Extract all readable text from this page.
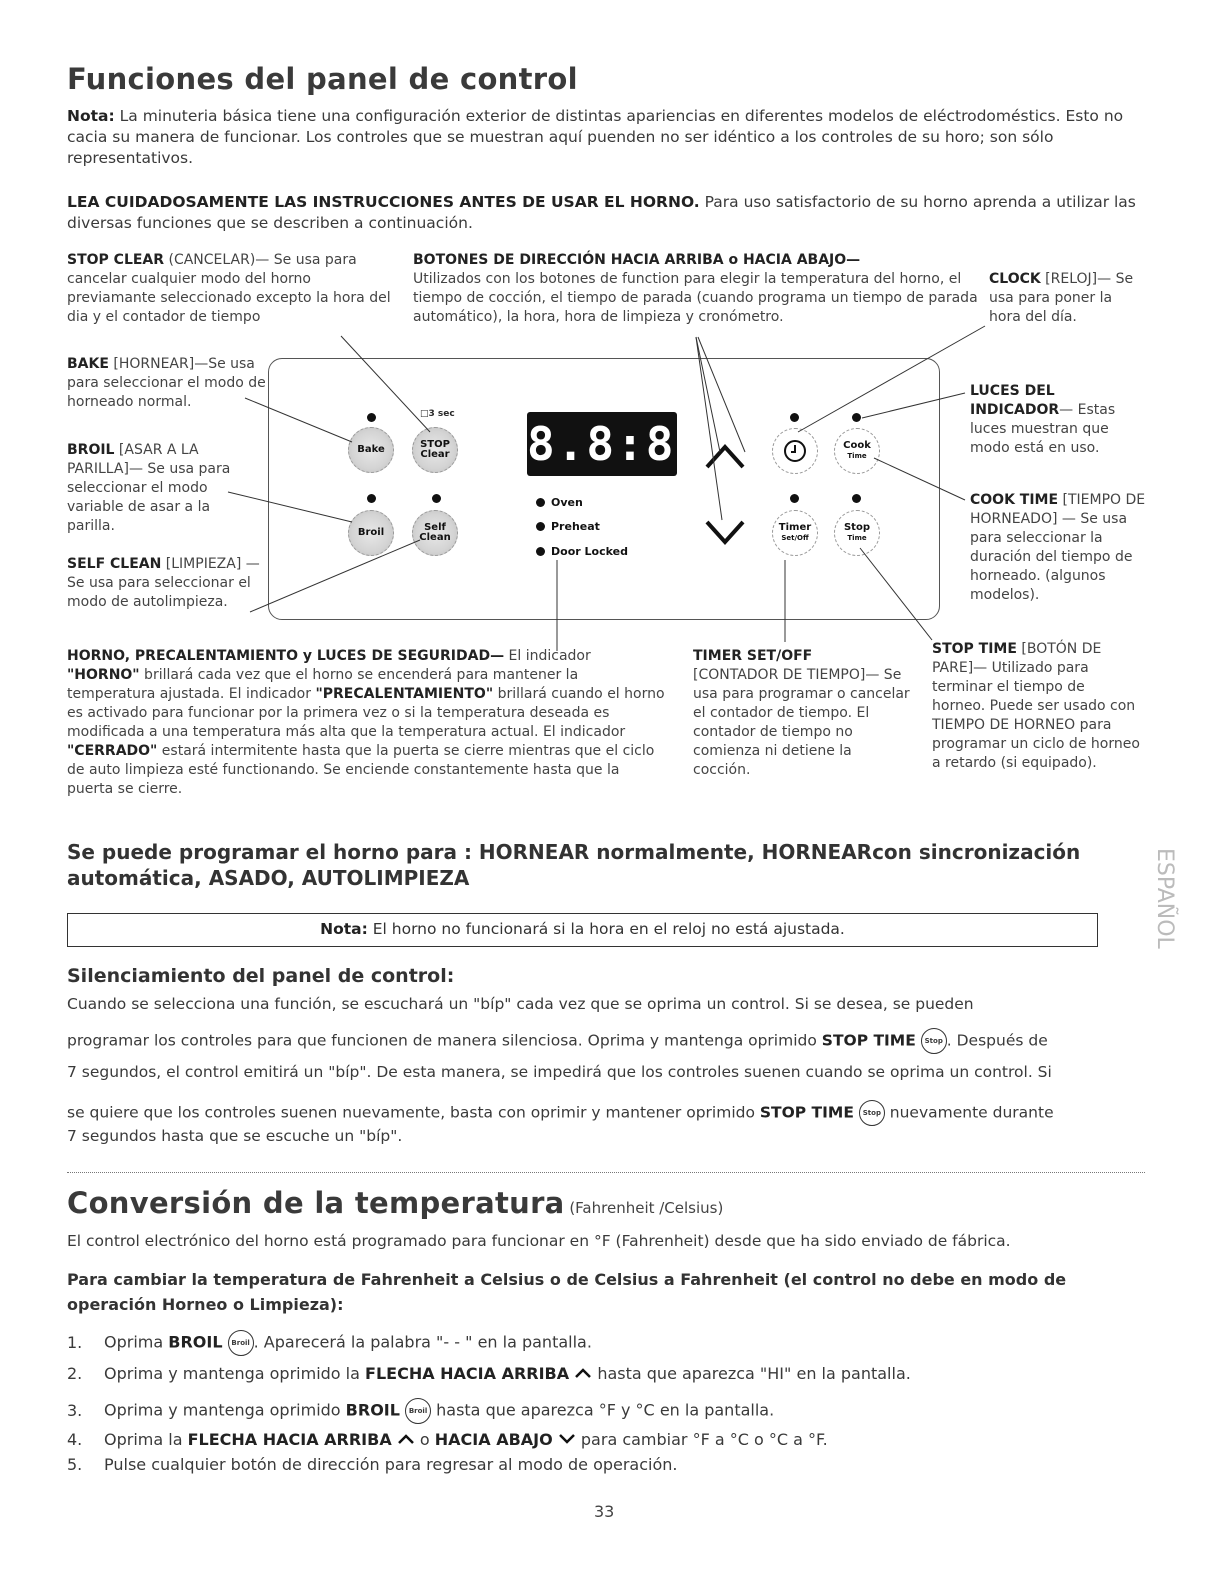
Funciones del panel de control
Nota: La minuteria básica tiene una configuración exterior de distintas apariencias en diferentes modelos de eléctrodoméstics. Esto no cacia su manera de funcionar. Los controles que se muestran aquí puenden no ser idéntico a los controles de su horo; son sólo representativos.
LEA CUIDADOSAMENTE LAS INSTRUCCIONES ANTES DE USAR EL HORNO. Para uso satisfactorio de su horno aprenda a utilizar las diversas funciones que se describen a continuación.
STOP CLEAR (CANCELAR)— Se usa para cancelar cualquier modo del horno previamante seleccionado excepto la hora del dia y el contador de tiempo
BOTONES DE DIRECCIÓN HACIA ARRIBA o HACIA ABAJO—
Utilizados con los botones de function para elegir la temperatura del horno, el tiempo de cocción, el tiempo de parada (cuando programa un tiempo de parada automático), la hora, hora de limpieza y cronómetro.
CLOCK [RELOJ]— Se usa para poner la hora del día.
BAKE [HORNEAR]—Se usa para seleccionar el modo de horneado normal.
BROIL [ASAR A LA PARILLA]— Se usa para seleccionar el modo variable de asar a la parilla.
SELF CLEAN [LIMPIEZA] — Se usa para seleccionar el modo de autolimpieza.
LUCES DEL INDICADOR— Estas luces muestran que modo está en uso.
COOK TIME [TIEMPO DE HORNEADO] — Se usa para seleccionar la duración del tiempo de horneado. (algunos modelos).
HORNO, PRECALENTAMIENTO y LUCES DE SEGURIDAD— El indicador "HORNO" brillará cada vez que el horno se encenderá para mantener la temperatura ajustada. El indicador "PRECALENTAMIENTO" brillará cuando el horno es activado para funcionar por la primera vez o si la temperatura deseada es modificada a una temperatura más alta que la temperatura actual. El indicador "CERRADO" estará intermitente hasta que la puerta se cierre mientras que el ciclo de auto limpieza esté functionando. Se enciende constantemente hasta que la puerta se cierre.
TIMER SET/OFF
[CONTADOR DE TIEMPO]— Se usa para programar o cancelar el contador de tiempo. El contador de tiempo no comienza ni detiene la cocción.
STOP TIME [BOTÓN DE PARE]— Utilizado para terminar el tiempo de horneo. Puede ser usado con TIEMPO DE HORNEO para programar un ciclo de horneo a retardo (si equipado).
□3 sec
Bake	STOP
Clear
Broil	Self
Clean
8.8:8.8
Oven
Preheat
Door Locked
Cook
Time
Timer
Set/Off
Stop
Time
Se puede programar el horno para : HORNEAR normalmente, HORNEARcon sincronización automática, ASADO, AUTOLIMPIEZA
Nota: El horno no funcionará si la hora en el reloj no está ajustada.	ESPAÑOL
Silenciamiento del panel de control:
Cuando se selecciona una función, se escuchará un "bíp" cada vez que se oprima un control. Si se desea, se pueden
programar los controles para que funcionen de manera silenciosa. Oprima y mantenga oprimido STOP TIME Stop . Después de
7 segundos, el control emitirá un "bíp". De esta manera, se impedirá que los controles suenen cuando se oprima un control. Si
se quiere que los controles suenen nuevamente, basta con oprimir y mantener oprimido STOP TIME Stop nuevamente durante
7 segundos hasta que se escuche un "bíp".
Conversión de la temperatura (Fahrenheit /Celsius)
El control electrónico del horno está programado para funcionar en °F (Fahrenheit) desde que ha sido enviado de fábrica.
Para cambiar la temperatura de Fahrenheit a Celsius o de Celsius a Fahrenheit (el control no debe en modo de operación Horneo o Limpieza):
1. Oprima BROIL Broil . Aparecerá la palabra "- - " en la pantalla.
2. Oprima y mantenga oprimido la FLECHA HACIA ARRIBA  hasta que aparezca "HI" en la pantalla.
3. Oprima y mantenga oprimido BROIL Broil hasta que aparezca °F y °C en la pantalla.
4. Oprima la FLECHA HACIA ARRIBA  o HACIA ABAJO  para cambiar °F a °C o °C a °F.
5. Pulse cualquier botón de dirección para regresar al modo de operación.
33
